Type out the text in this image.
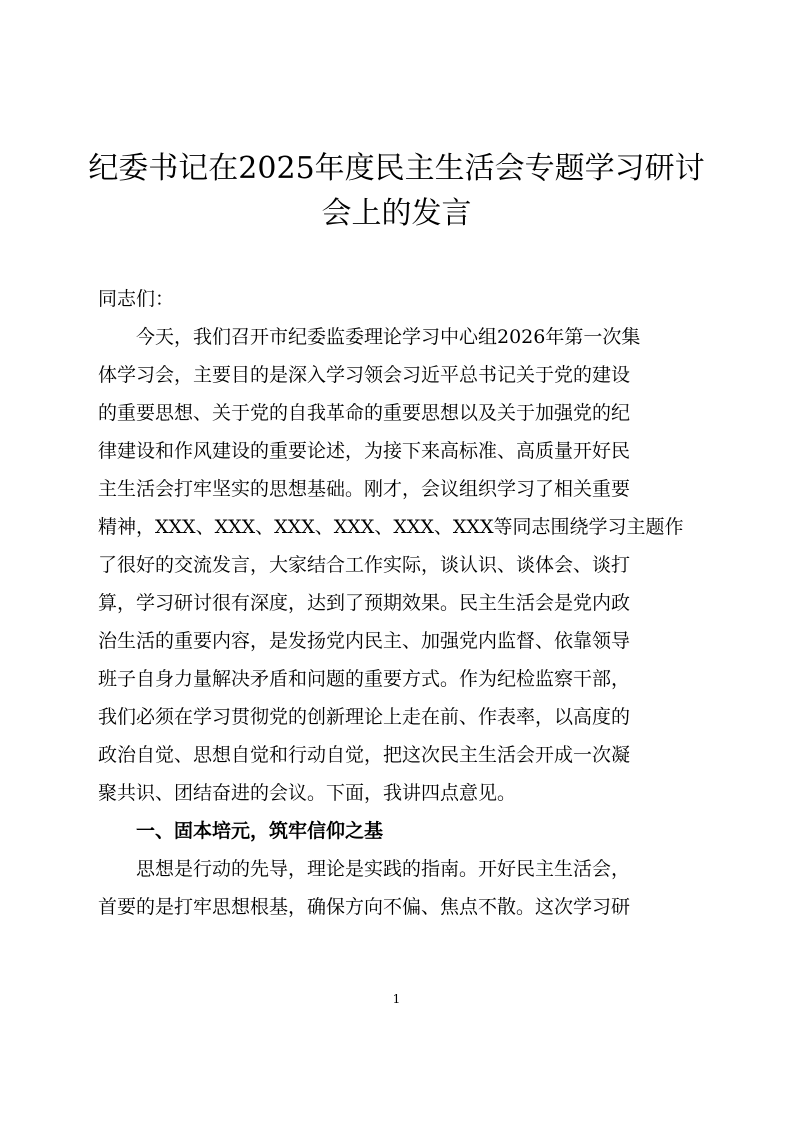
纪委书记在2025年度民主生活会专题学习研讨
会上的发言

同志们：

今天，我们召开市纪委监委理论学习中心组2026年第一次集
体学习会，主要目的是深入学习领会习近平总书记关于党的建设
的重要思想、关于党的自我革命的重要思想以及关于加强党的纪
律建设和作风建设的重要论述，为接下来高标准、高质量开好民
主生活会打牢坚实的思想基础。刚才，会议组织学习了相关重要
精神，XXX、XXX、XXX、XXX、XXX、XXX等同志围绕学习主题作
了很好的交流发言，大家结合工作实际，谈认识、谈体会、谈打
算，学习研讨很有深度，达到了预期效果。民主生活会是党内政
治生活的重要内容，是发扬党内民主、加强党内监督、依靠领导
班子自身力量解决矛盾和问题的重要方式。作为纪检监察干部，
我们必须在学习贯彻党的创新理论上走在前、作表率，以高度的
政治自觉、思想自觉和行动自觉，把这次民主生活会开成一次凝
聚共识、团结奋进的会议。下面，我讲四点意见。

一、固本培元，筑牢信仰之基

思想是行动的先导，理论是实践的指南。开好民主生活会，
首要的是打牢思想根基，确保方向不偏、焦点不散。这次学习研

1
